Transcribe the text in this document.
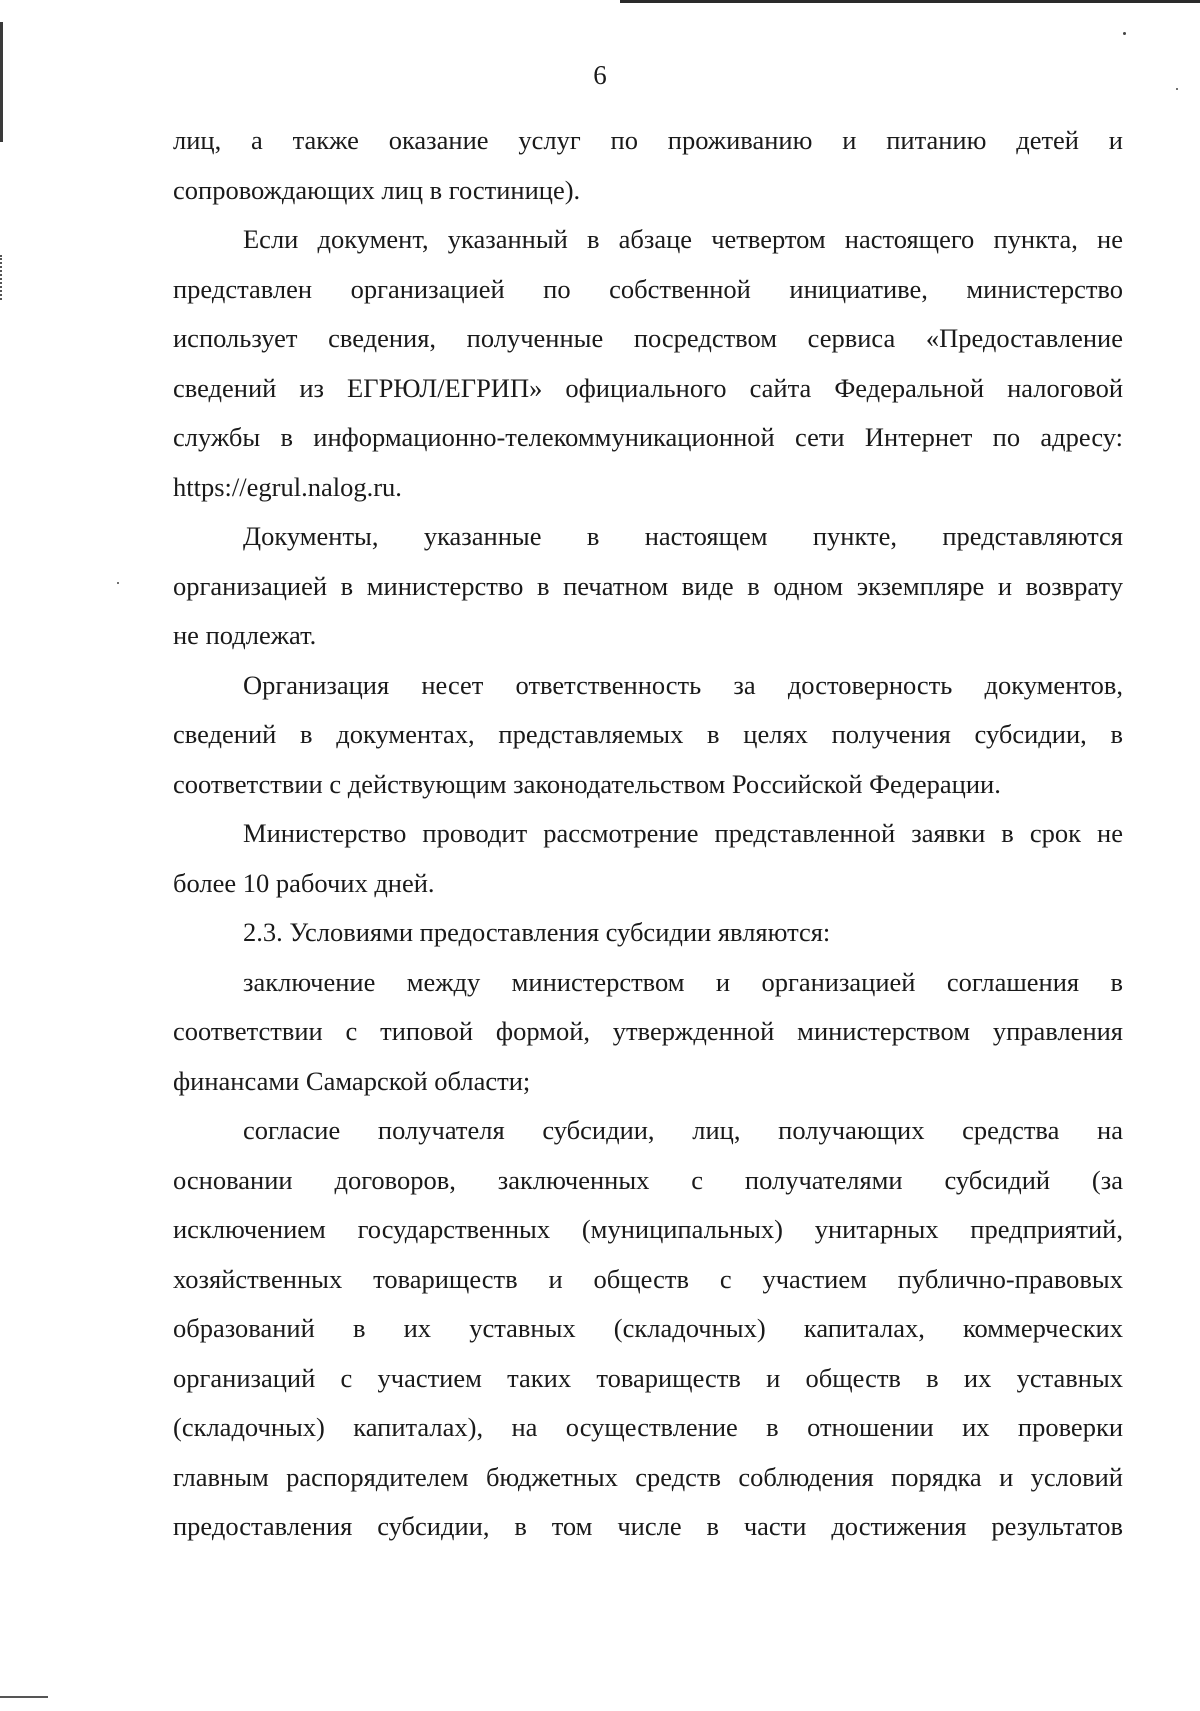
6
лиц, а также оказание услуг по проживанию и питанию детей и
сопровождающих лиц в гостинице).
Если документ, указанный в абзаце четвертом настоящего пункта, не
представлен организацией по собственной инициативе, министерство
использует сведения, полученные посредством сервиса «Предоставление
сведений из ЕГРЮЛ/ЕГРИП» официального сайта Федеральной налоговой
службы в информационно-телекоммуникационной сети Интернет по адресу:
https://egrul.nalog.ru.
Документы, указанные в настоящем пункте, представляются
организацией в министерство в печатном виде в одном экземпляре и возврату
не подлежат.
Организация несет ответственность за достоверность документов,
сведений в документах, представляемых в целях получения субсидии, в
соответствии с действующим законодательством Российской Федерации.
Министерство проводит рассмотрение представленной заявки в срок не
более 10 рабочих дней.
2.3. Условиями предоставления субсидии являются:
заключение между министерством и организацией соглашения в
соответствии с типовой формой, утвержденной министерством управления
финансами Самарской области;
согласие получателя субсидии, лиц, получающих средства на
основании договоров, заключенных с получателями субсидий (за
исключением государственных (муниципальных) унитарных предприятий,
хозяйственных товариществ и обществ с участием публично-правовых
образований в их уставных (складочных) капиталах, коммерческих
организаций с участием таких товариществ и обществ в их уставных
(складочных) капиталах), на осуществление в отношении их проверки
главным распорядителем бюджетных средств соблюдения порядка и условий
предоставления субсидии, в том числе в части достижения результатов
